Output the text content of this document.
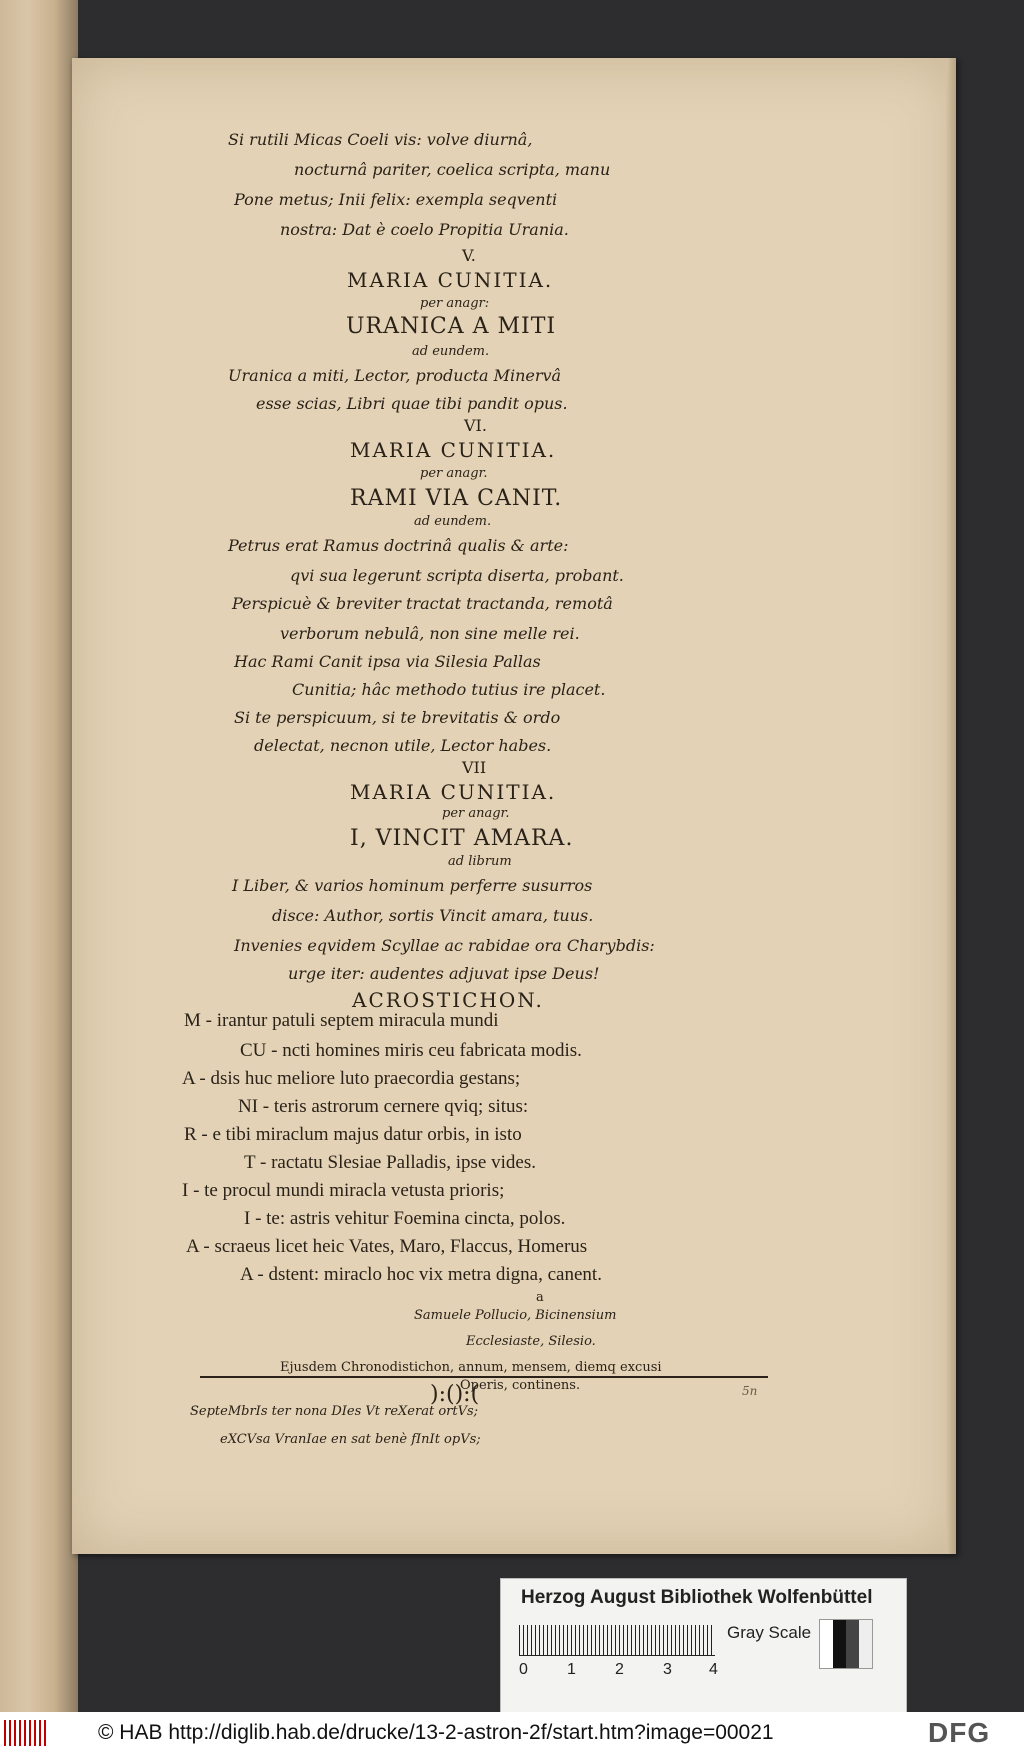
Si rutili Micas Coeli vis: volve diurnâ,
nocturnâ pariter, coelica scripta, manu
Pone metus; Inii felix: exempla seqventi
nostra: Dat è coelo Propitia Urania.
V.
MARIA CUNITIA.
per anagr:
URANICA A MITI
ad eundem.
Uranica a miti, Lector, producta Minervâ
esse scias, Libri quae tibi pandit opus.
VI.
MARIA CUNITIA.
per anagr.
RAMI VIA CANIT.
ad eundem.
Petrus erat Ramus doctrinâ qualis & arte:
qvi sua legerunt scripta diserta, probant.
Perspicuè & breviter tractat tractanda, remotâ
verborum nebulâ, non sine melle rei.
Hac Rami Canit ipsa via Silesia Pallas
Cunitia; hâc methodo tutius ire placet.
Si te perspicuum, si te brevitatis & ordo
delectat, necnon utile, Lector habes.
VII
MARIA CUNITIA.
per anagr.
I, VINCIT AMARA.
ad librum
I Liber, & varios hominum perferre susurros
disce: Author, sortis Vincit amara, tuus.
Invenies eqvidem Scyllae ac rabidae ora Charybdis:
urge iter: audentes adjuvat ipse Deus!
ACROSTICHON.
M - irantur patuli septem miracula mundi
CU - ncti homines miris ceu fabricata modis.
A - dsis huc meliore luto praecordia gestans;
NI - teris astrorum cernere qviq; situs:
R - e tibi miraclum majus datur orbis, in isto
T - ractatu Slesiae Palladis, ipse vides.
I - te procul mundi miracla vetusta prioris;
I - te: astris vehitur Foemina cincta, polos.
A - scraeus licet heic Vates, Maro, Flaccus, Homerus
A - dstent: miraclo hoc vix metra digna, canent.
a
Samuele Pollucio, Bicinensium
Ecclesiaste, Silesio.
Ejusdem Chronodistichon, annum, mensem, diemq excusi
Operis, continens.
SepteMbrIs ter nona DIes Vt reXerat ortVs;
eXCVsa VranIae en sat benè fInIt opVs;
):():(	5n
Herzog August Bibliothek Wolfenbüttel
0 1 2 3 4
Gray Scale
© HAB http://diglib.hab.de/drucke/13-2-astron-2f/start.htm?image=00021	DFG
